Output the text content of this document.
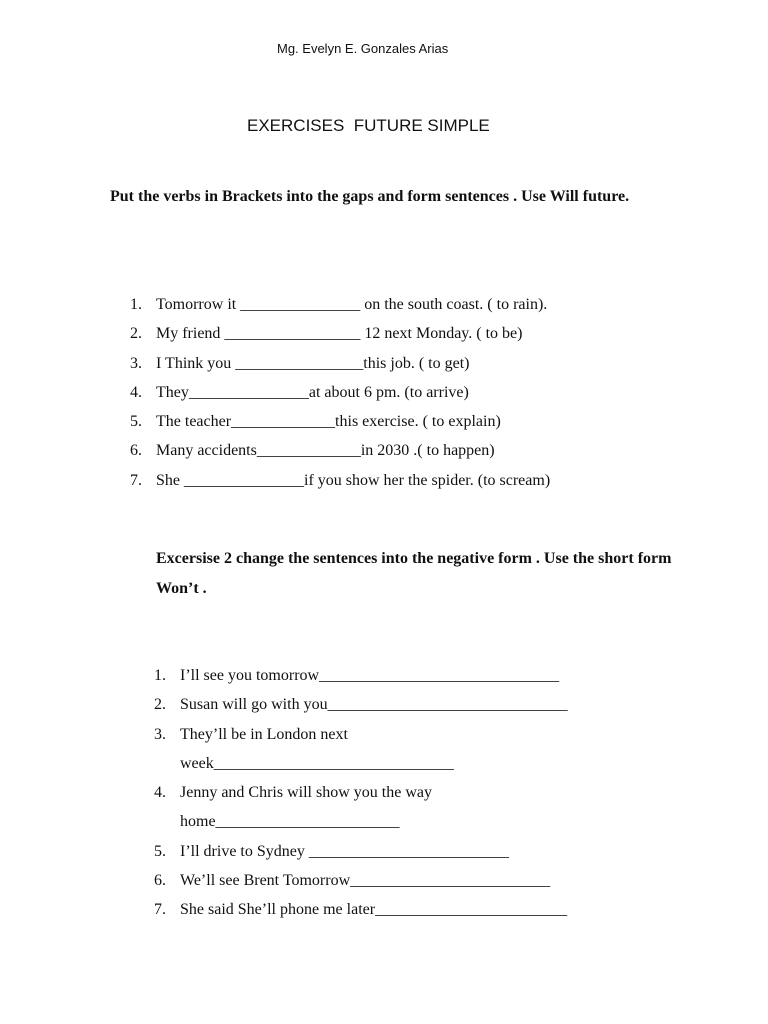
Mg. Evelyn E. Gonzales Arias
EXERCISES  FUTURE SIMPLE

Put the verbs in Brackets into the gaps and form sentences . Use Will future.

1. Tomorrow it _______________ on the south coast. ( to rain).
2. My friend _________________ 12 next Monday. ( to be)
3. I Think you ________________this job. ( to get)
4. They_______________at about 6 pm. (to arrive)
5. The teacher_____________this exercise. ( to explain)
6. Many accidents_____________in 2030 .( to happen)
7. She _______________if you show her the spider. (to scream)

Excersise 2 change the sentences into the negative form . Use the short form Won’t .

1. I’ll see you tomorrow______________________________
2. Susan will go with you______________________________
3. They’ll be in London next week______________________________
4. Jenny and Chris will show you the way home_______________________
5. I’ll drive to Sydney _________________________
6. We’ll see Brent Tomorrow_________________________
7. She said She’ll phone me later________________________
